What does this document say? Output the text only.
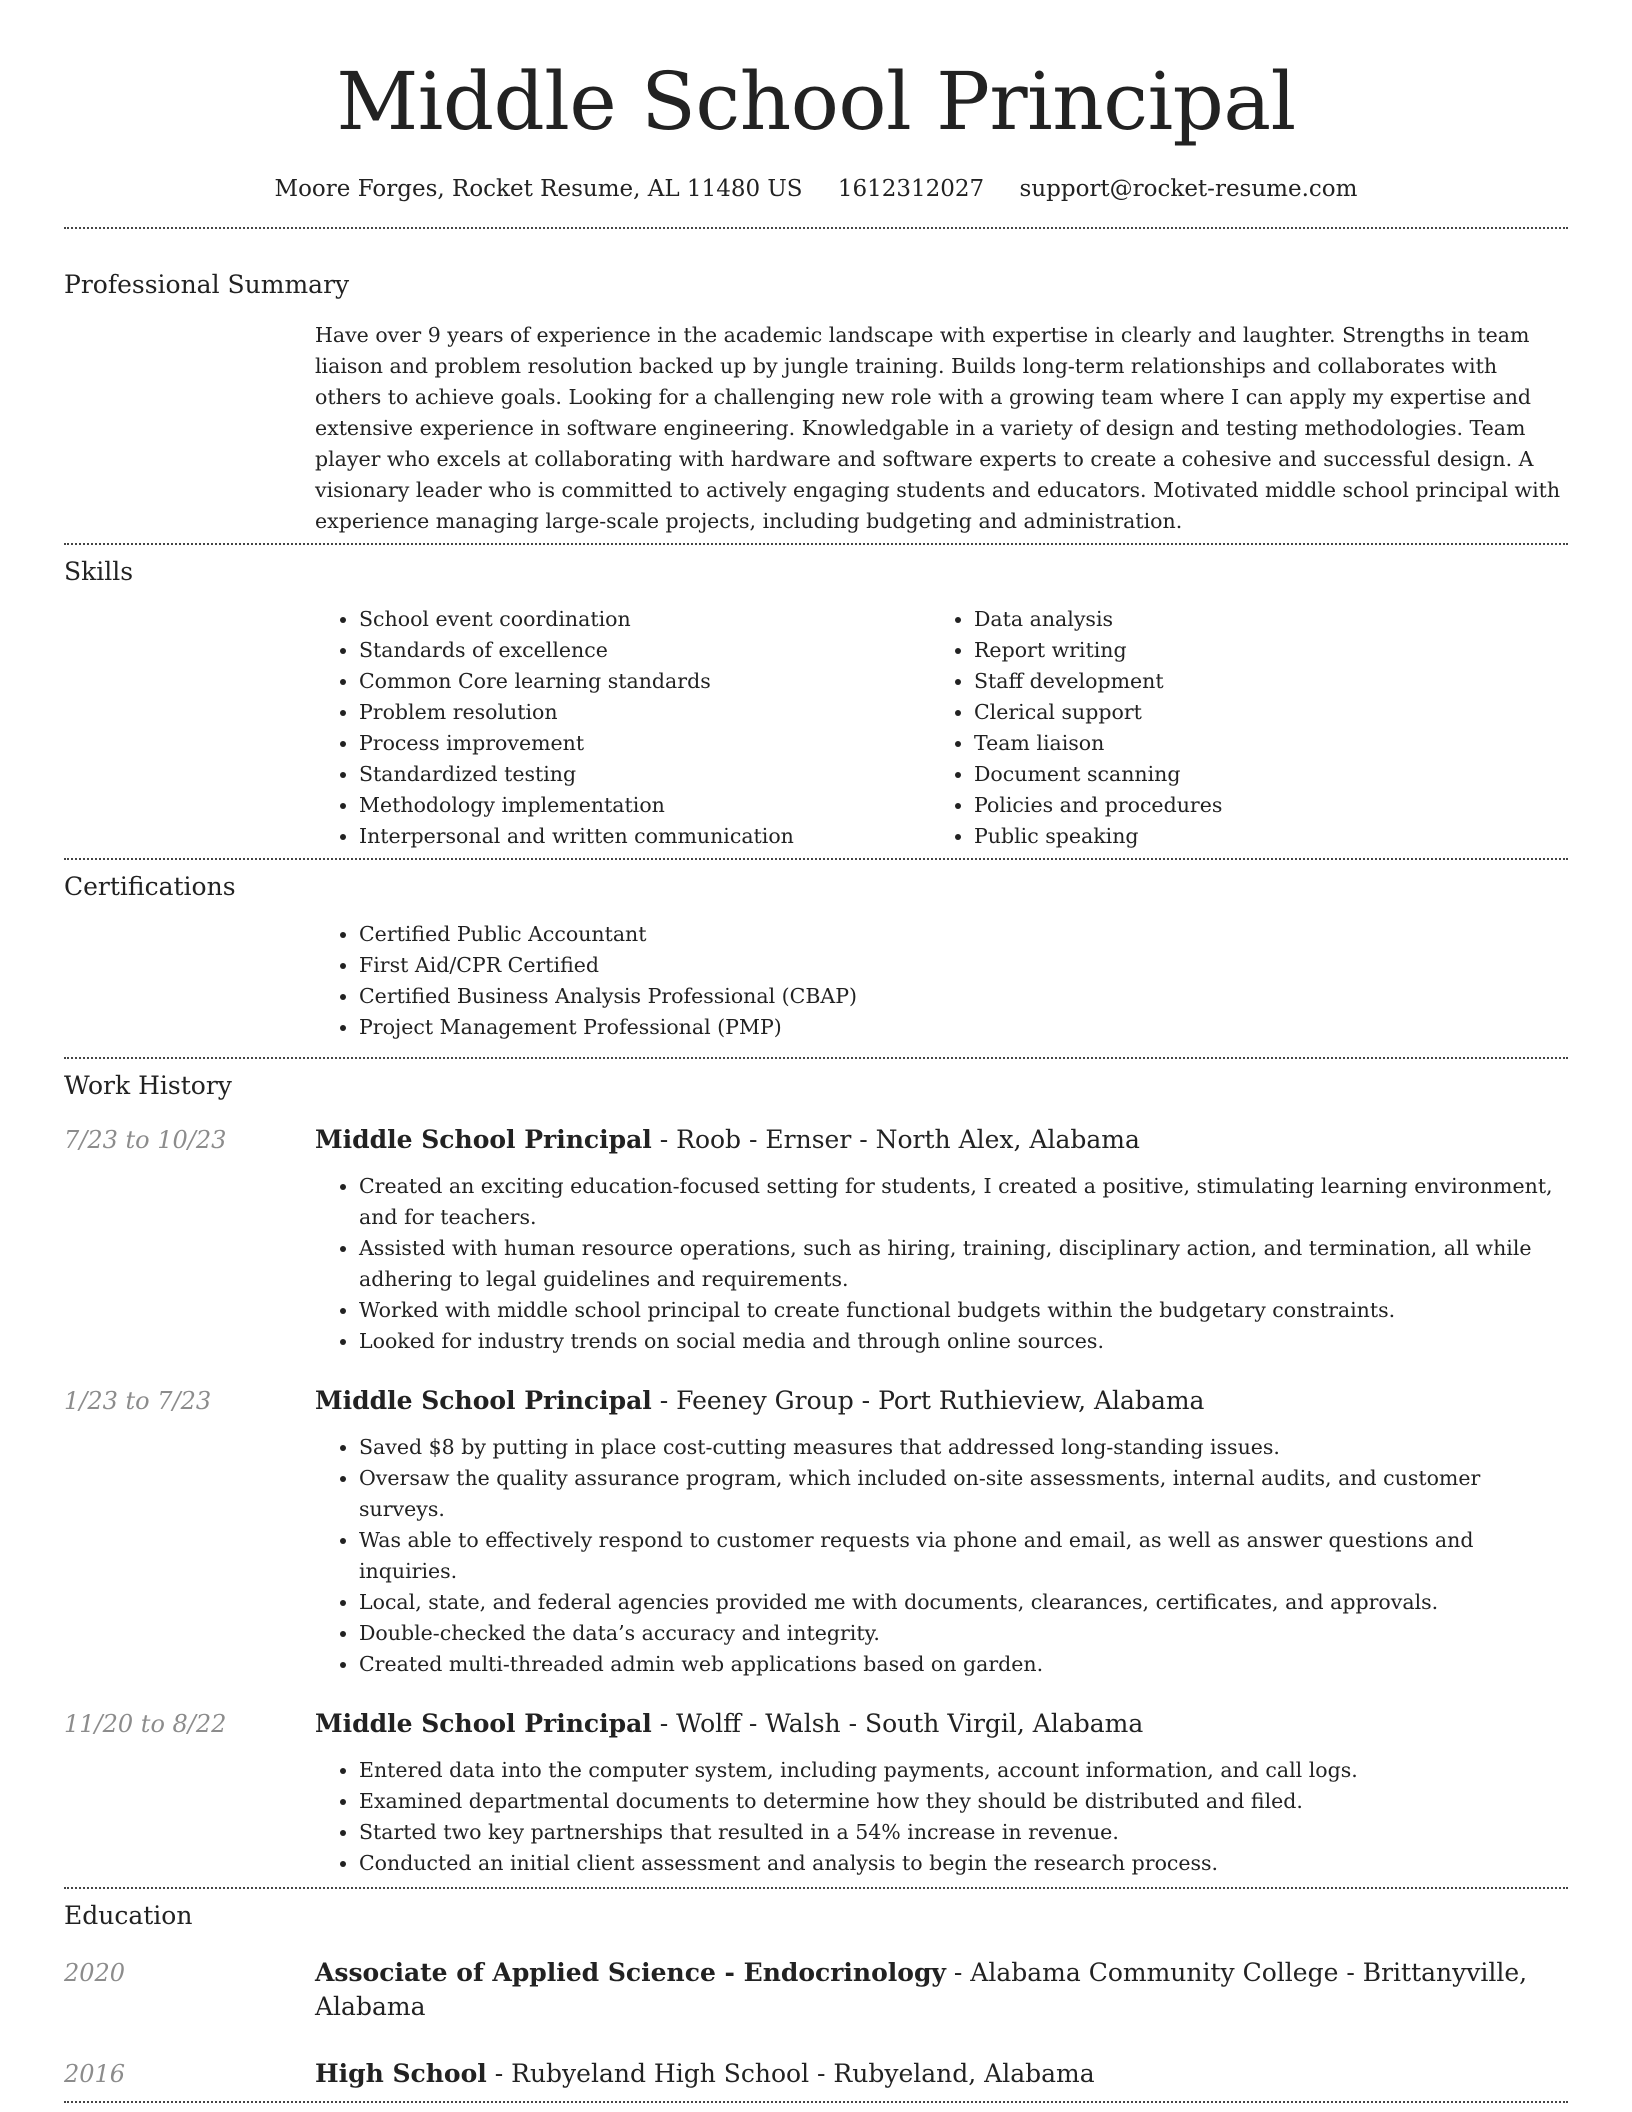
Middle School Principal
Moore Forges, Rocket Resume, AL 11480 US 1612312027 support@rocket-resume.com
Professional Summary

Have over 9 years of experience in the academic landscape with expertise in clearly and laughter. Strengths in team liaison and problem resolution backed up by jungle training. Builds long-term relationships and collaborates with others to achieve goals. Looking for a challenging new role with a growing team where I can apply my expertise and extensive experience in software engineering. Knowledgable in a variety of design and testing methodologies. Team player who excels at collaborating with hardware and software experts to create a cohesive and successful design. A visionary leader who is committed to actively engaging students and educators. Motivated middle school principal with experience managing large-scale projects, including budgeting and administration.

Skills
• School event coordination
• Standards of excellence
• Common Core learning standards
• Problem resolution
• Process improvement
• Standardized testing
• Methodology implementation
• Interpersonal and written communication
• Data analysis
• Report writing
• Staff development
• Clerical support
• Team liaison
• Document scanning
• Policies and procedures
• Public speaking
Certifications
• Certified Public Accountant
• First Aid/CPR Certified
• Certified Business Analysis Professional (CBAP)
• Project Management Professional (PMP)
Work History
7/23 to 10/23	Middle School Principal - Roob - Ernser - North Alex, Alabama
• Created an exciting education-focused setting for students, I created a positive, stimulating learning environment, and for teachers.
• Assisted with human resource operations, such as hiring, training, disciplinary action, and termination, all while adhering to legal guidelines and requirements.
• Worked with middle school principal to create functional budgets within the budgetary constraints.
• Looked for industry trends on social media and through online sources.
1/23 to 7/23	Middle School Principal - Feeney Group - Port Ruthieview, Alabama
• Saved $8 by putting in place cost-cutting measures that addressed long-standing issues.
• Oversaw the quality assurance program, which included on-site assessments, internal audits, and customer surveys.
• Was able to effectively respond to customer requests via phone and email, as well as answer questions and inquiries.
• Local, state, and federal agencies provided me with documents, clearances, certificates, and approvals.
• Double-checked the data’s accuracy and integrity.
• Created multi-threaded admin web applications based on garden.
11/20 to 8/22	Middle School Principal - Wolff - Walsh - South Virgil, Alabama
• Entered data into the computer system, including payments, account information, and call logs.
• Examined departmental documents to determine how they should be distributed and filed.
• Started two key partnerships that resulted in a 54% increase in revenue.
• Conducted an initial client assessment and analysis to begin the research process.
Education
2020	Associate of Applied Science - Endocrinology - Alabama Community College - Brittanyville, Alabama
2016	High School - Rubyeland High School - Rubyeland, Alabama
